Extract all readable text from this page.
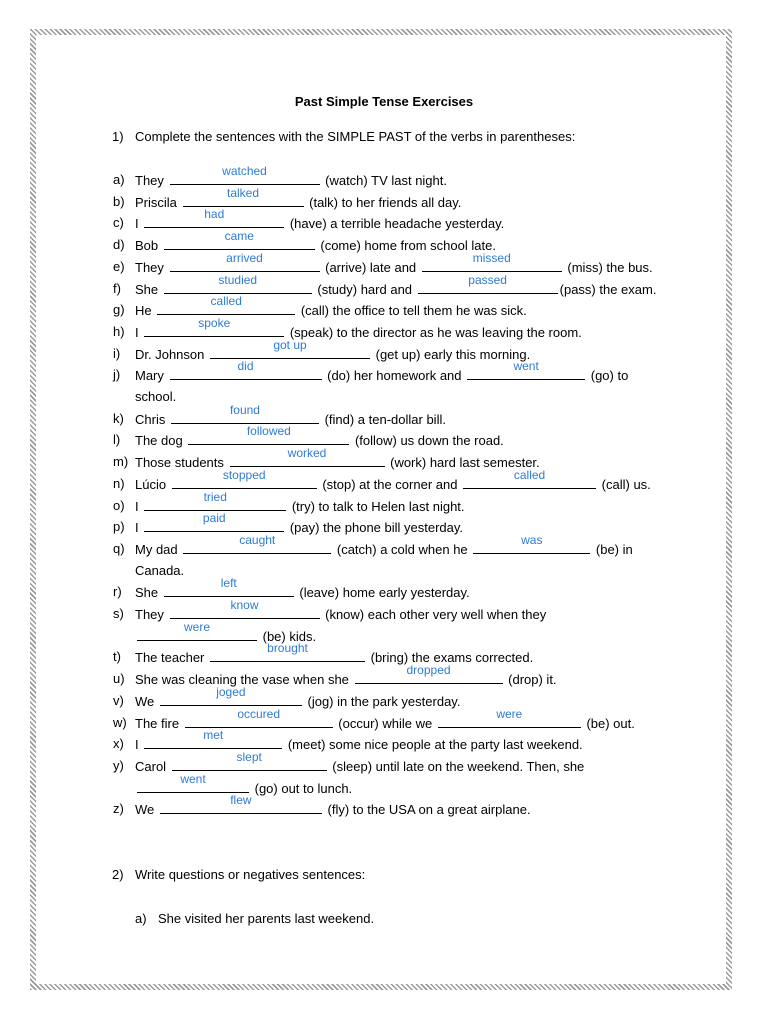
Past Simple Tense Exercises
1) Complete the sentences with the SIMPLE PAST of the verbs in parentheses:
a) They
watched
(watch) TV last night.
b) Priscila
talked
(talk) to her friends all day.
c) I
had
(have) a terrible headache yesterday.
d) Bob
came
(come) home from school late.
e) They
arrived
(arrive) late and
missed
(miss) the bus.
f) She
studied
(study) hard and
passed
(pass) the exam.
g) He
called
(call) the office to tell them he was sick.
h) I
spoke
(speak) to the director as he was leaving the room.
i) Dr. Johnson
got up
(get up) early this morning.
j) Mary
did
(do) her homework and
went
(go) to
school.
k) Chris
found
(find) a ten-dollar bill.
l) The dog
followed
(follow) us down the road.
m) Those students
worked
(work) hard last semester.
n) Lúcio
stopped
(stop) at the corner and
called
(call) us.
o) I
tried
(try) to talk to Helen last night.
p) I
paid
(pay) the phone bill yesterday.
q) My dad
caught
(catch) a cold when he
was
(be) in
Canada.
r) She
left
(leave) home early yesterday.
s) They
know
(know) each other very well when they
were
(be) kids.
t) The teacher
brought
(bring) the exams corrected.
u) She was cleaning the vase when she
dropped
(drop) it.
v) We
joged
(jog) in the park yesterday.
w) The fire
occured
(occur) while we
were
(be) out.
x) I
met
(meet) some nice people at the party last weekend.
y) Carol
slept
(sleep) until late on the weekend. Then, she
went
(go) out to lunch.
z) We
flew
(fly) to the USA on a great airplane.
2) Write questions or negatives sentences:
a) She visited her parents last weekend.
